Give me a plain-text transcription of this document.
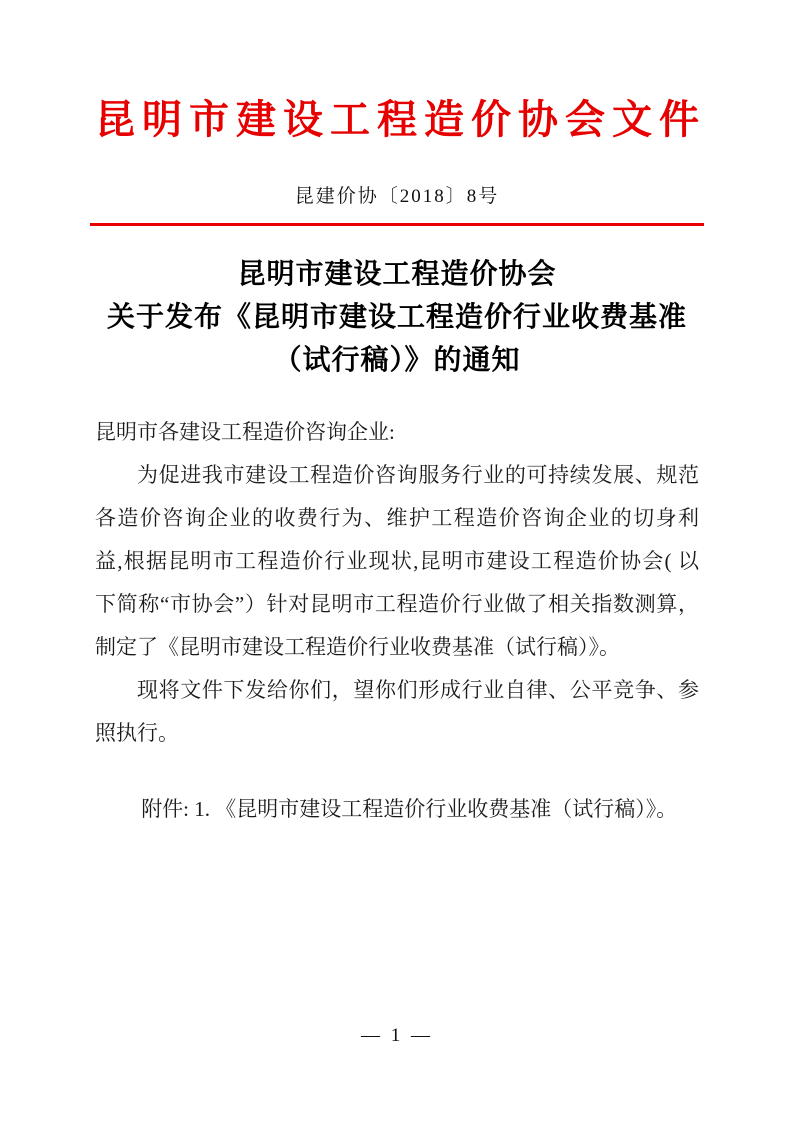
昆明市建设工程造价协会文件
昆建价协〔2018〕8号
昆明市建设工程造价协会
关于发布《昆明市建设工程造价行业收费基准
（试行稿）》的通知
昆明市各建设工程造价咨询企业:
为促进我市建设工程造价咨询服务行业的可持续发展、规范
各造价咨询企业的收费行为、维护工程造价咨询企业的切身利
益,根据昆明市工程造价行业现状,昆明市建设工程造价协会( 以
下简称“市协会”）针对昆明市工程造价行业做了相关指数测算，
制定了《昆明市建设工程造价行业收费基准（试行稿）》。
现将文件下发给你们，望你们形成行业自律、公平竞争、参
照执行。
附件: 1. 《昆明市建设工程造价行业收费基准（试行稿）》。
— 1 —
